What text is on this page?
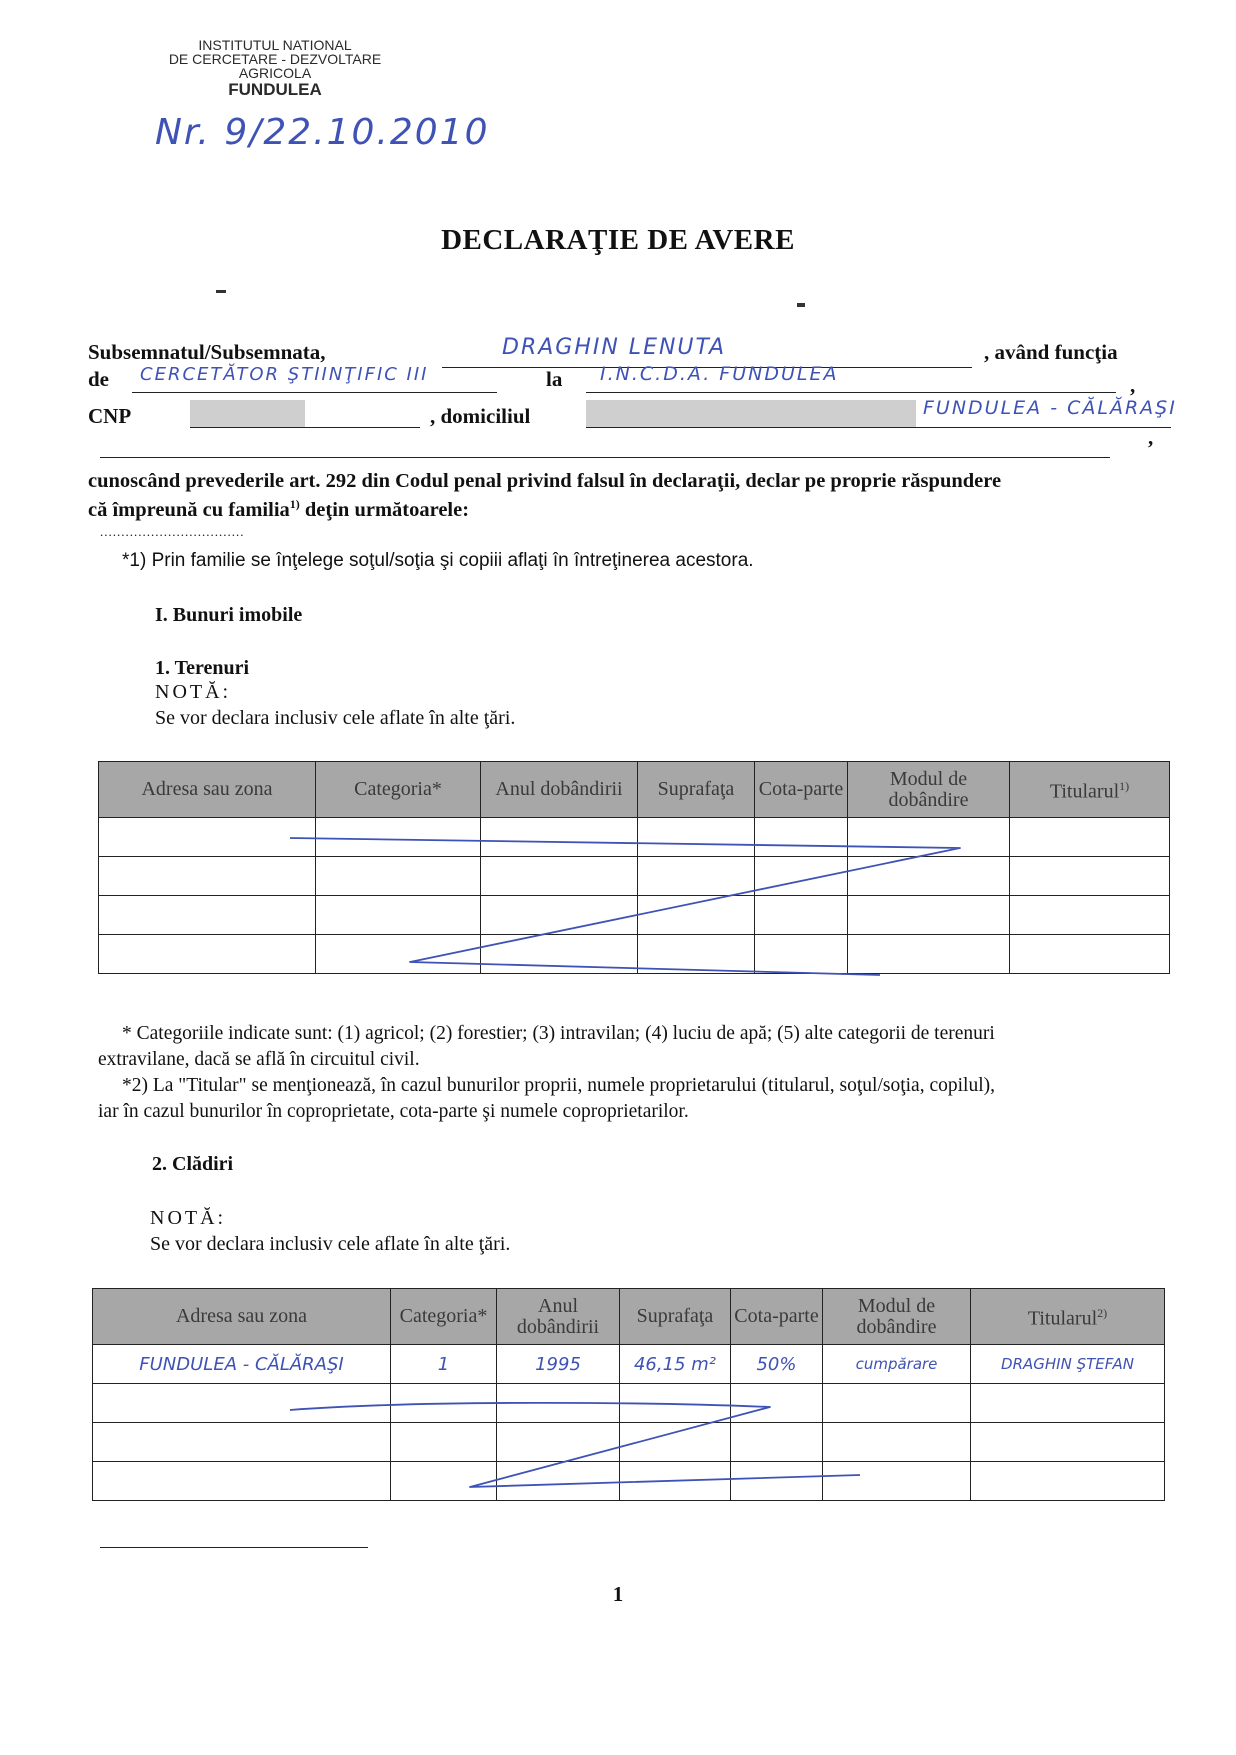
INSTITUTUL NATIONAL
DE CERCETARE - DEZVOLTARE
AGRICOLA
FUNDULEA
Nr. 9/22.10.2010
DECLARAŢIE DE AVERE
Subsemnatul/Subsemnata,	DRAGHIN LENUTA	, având funcţia
de CERCETĂTOR ŞTIINŢIFIC III	la I.N.C.D.A. FUNDULEA	,
CNP	, domiciliul	FUNDULEA - CĂLĂRAŞI
,
cunoscând prevederile art. 292 din Codul penal privind falsul în declaraţii, declar pe proprie răspundere
că împreună cu familia$^{1)}$ deţin următoarele:
..................................
*1) Prin familie se înţelege soţul/soţia şi copiii aflaţi în întreţinerea acestora.
I. Bunuri imobile
1. Terenuri
NOTĂ:
Se vor declara inclusiv cele aflate în alte ţări.
Adresa sau zona	Categoria*	Anul dobândirii	Suprafaţa	Cota-parte	Modul de dobândire	Titularul$^{1)}$

* Categoriile indicate sunt: (1) agricol; (2) forestier; (3) intravilan; (4) luciu de apă; (5) alte categorii de terenuri
extravilane, dacă se află în circuitul civil.
*2) La "Titular" se menţionează, în cazul bunurilor proprii, numele proprietarului (titularul, soţul/soţia, copilul),
iar în cazul bunurilor în coproprietate, cota-parte şi numele coproprietarilor.
2. Clădiri
NOTĂ:
Se vor declara inclusiv cele aflate în alte ţări.
Adresa sau zona	Categoria*	Anul dobândirii	Suprafaţa	Cota-parte	Modul de dobândire	Titularul$^{2)}$
FUNDULEA - CĂLĂRAŞI	1	1995	46,15 m²	50%	cumpărare	DRAGHIN ŞTEFAN

1
